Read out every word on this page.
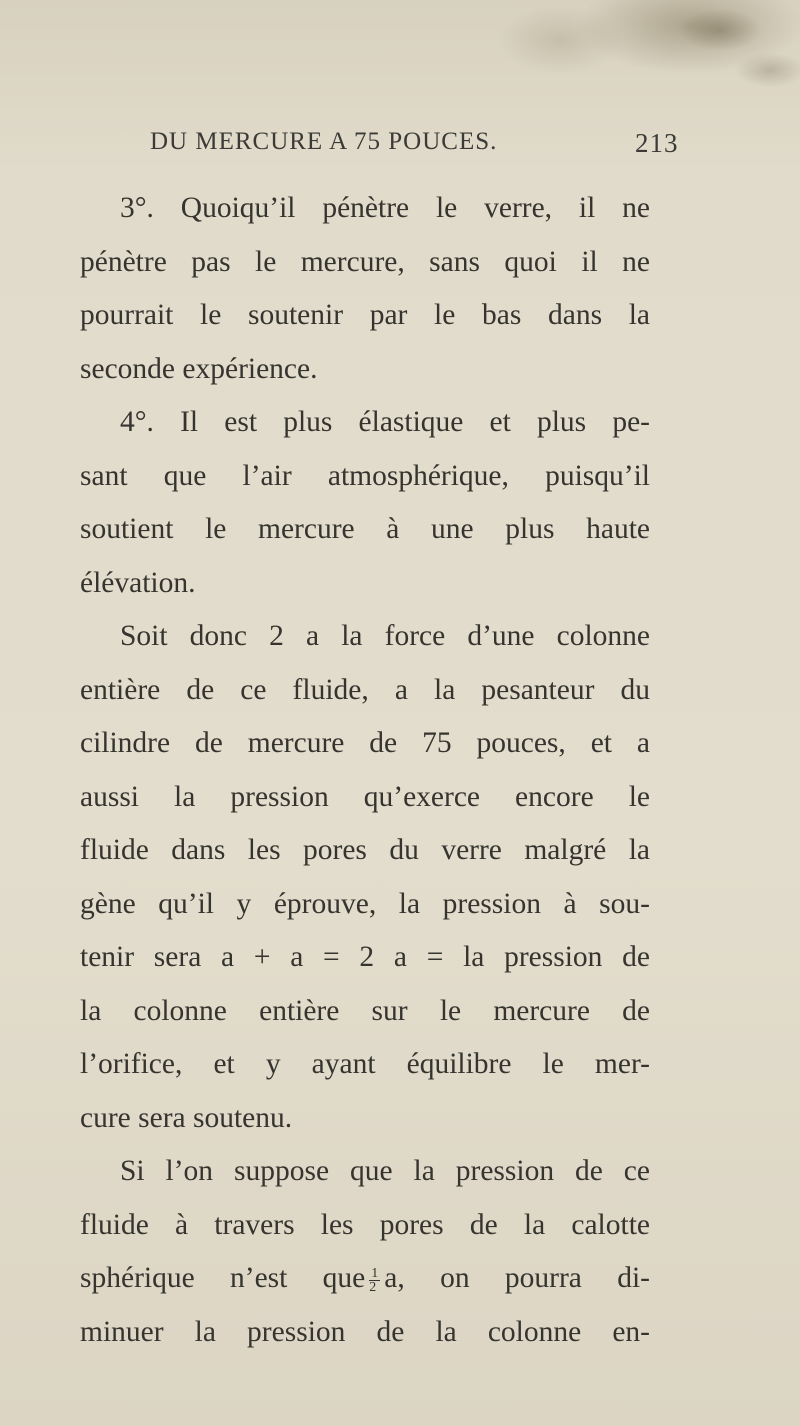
DU MERCURE A 75 POUCES.	213
3°. Quoiqu’il pénètre le verre, il ne
pénètre pas le mercure, sans quoi il ne
pourrait le soutenir par le bas dans la
seconde expérience.
4°. Il est plus élastique et plus pe-
sant que l’air atmosphérique, puisqu’il
soutient le mercure à une plus haute
élévation.
Soit donc 2 a la force d’une colonne
entière de ce fluide, a la pesanteur du
cilindre de mercure de 75 pouces, et a
aussi la pression qu’exerce encore le
fluide dans les pores du verre malgré la
gène qu’il y éprouve, la pression à sou-
tenir sera a + a = 2 a = la pression de
la colonne entière sur le mercure de
l’orifice, et y ayant équilibre le mer-
cure sera soutenu.
Si l’on suppose que la pression de ce
fluide à travers les pores de la calotte
sphérique n’est que $\frac{1}{2} a$, on pourra di-
minuer la pression de la colonne en-
